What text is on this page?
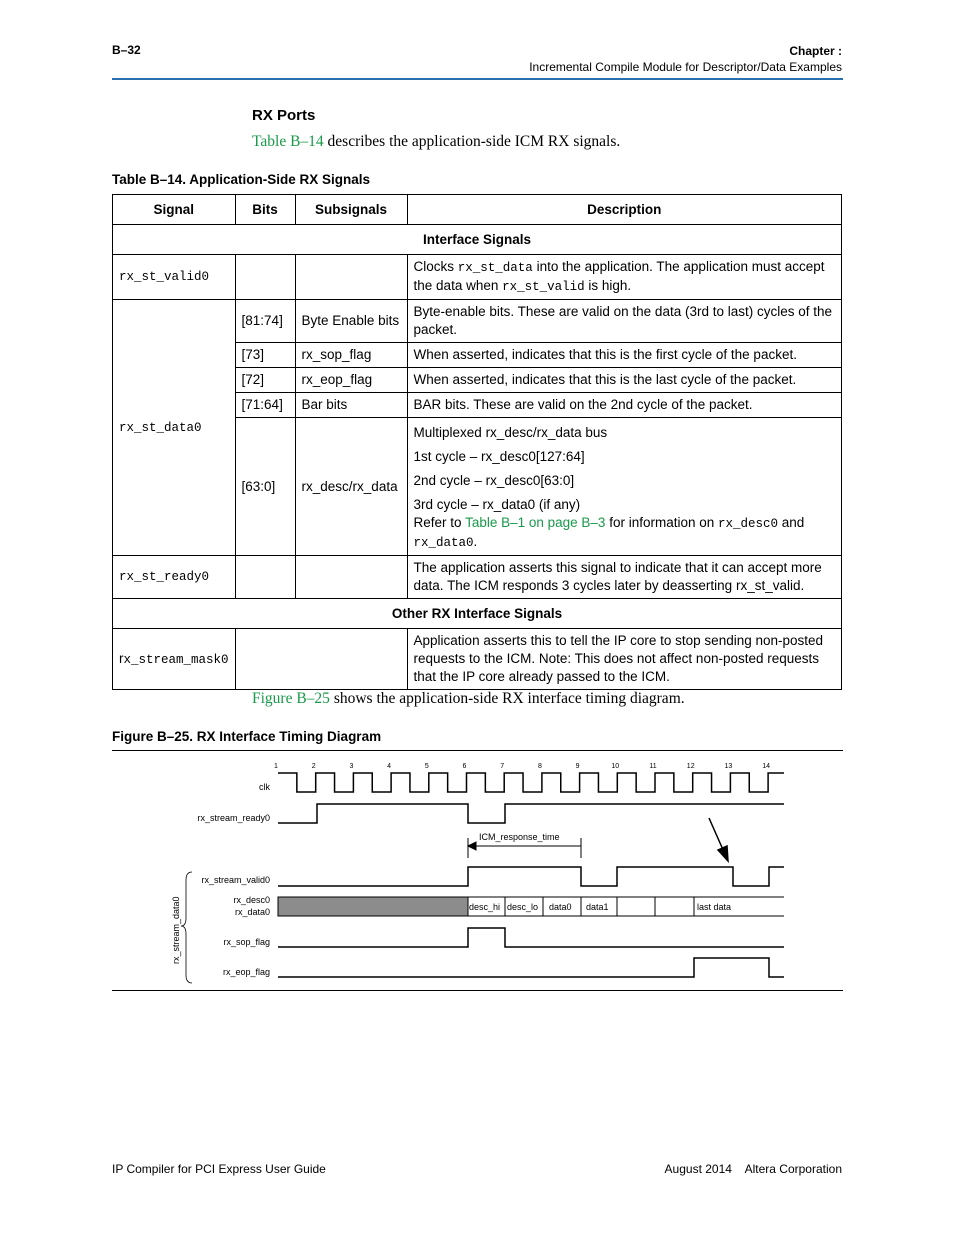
B–32	Chapter :
Incremental Compile Module for Descriptor/Data Examples
RX Ports
Table B–14 describes the application-side ICM RX signals.
Table B–14. Application-Side RX Signals
Signal	Bits	Subsignals	Description
Interface Signals			
rx_st_valid0			Clocks rx_st_data into the application. The application must accept the data when rx_st_valid is high.
rx_st_data0	[81:74]	Byte Enable bits	Byte-enable bits. These are valid on the data (3rd to last) cycles of the packet.
	[73]	rx_sop_flag	When asserted, indicates that this is the first cycle of the packet.
	[72]	rx_eop_flag	When asserted, indicates that this is the last cycle of the packet.
	[71:64]	Bar bits	BAR bits. These are valid on the 2nd cycle of the packet.
	[63:0]	rx_desc/rx_data	Multiplexed rx_desc/rx_data bus

1st cycle – rx_desc0[127:64]

2nd cycle – rx_desc0[63:0]

3rd cycle – rx_data0 (if any)

Refer to Table B–1 on page B–3 for information on rx_desc0 and rx_data0.

rx_st_ready0			The application asserts this signal to indicate that it can accept more data. The ICM responds 3 cycles later by deasserting rx_st_valid.
Other RX Interface Signals			
rx_stream_mask0			Application asserts this to tell the IP core to stop sending non-posted requests to the ICM. Note: This does not affect non-posted requests that the IP core already passed to the ICM.
Figure B–25 shows the application-side RX interface timing diagram.
Figure B–25. RX Interface Timing Diagram
1	2	3	4	5	6	7	8	9	10	11	12	13	14
clk
rx_stream_ready0
rx_stream_valid0
rx_desc0
rx_data0
rx_sop_flag
rx_eop_flag
rx_stream_data0	desc_hi desc_lo data0 data1	last data
ICM_response_time
IP Compiler for PCI Express User Guide	August 2014    Altera Corporation
